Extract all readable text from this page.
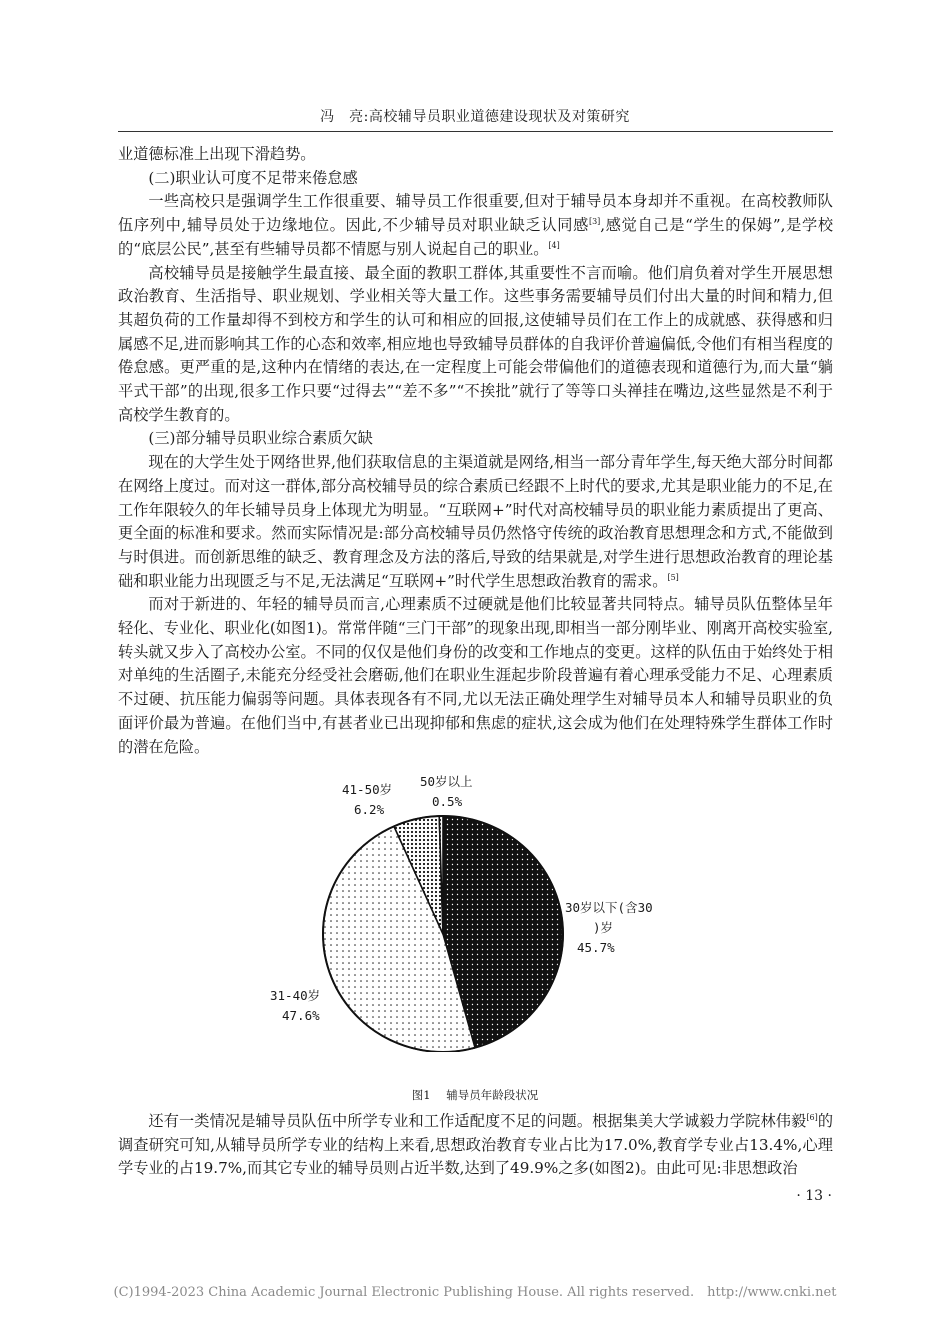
冯　亮:高校辅导员职业道德建设现状及对策研究

业道德标准上出现下滑趋势。

(二)职业认可度不足带来倦怠感

一些高校只是强调学生工作很重要、辅导员工作很重要,但对于辅导员本身却并不重视。在高校教师队伍序列中,辅导员处于边缘地位。因此,不少辅导员对职业缺乏认同感[3],感觉自己是“学生的保姆”,是学校的“底层公民”,甚至有些辅导员都不情愿与别人说起自己的职业。[4]

高校辅导员是接触学生最直接、最全面的教职工群体,其重要性不言而喻。他们肩负着对学生开展思想政治教育、生活指导、职业规划、学业相关等大量工作。这些事务需要辅导员们付出大量的时间和精力,但其超负荷的工作量却得不到校方和学生的认可和相应的回报,这使辅导员们在工作上的成就感、获得感和归属感不足,进而影响其工作的心态和效率,相应地也导致辅导员群体的自我评价普遍偏低,令他们有相当程度的倦怠感。更严重的是,这种内在情绪的表达,在一定程度上可能会带偏他们的道德表现和道德行为,而大量“躺平式干部”的出现,很多工作只要“过得去”“差不多”“不挨批”就行了等等口头禅挂在嘴边,这些显然是不利于高校学生教育的。

(三)部分辅导员职业综合素质欠缺

现在的大学生处于网络世界,他们获取信息的主渠道就是网络,相当一部分青年学生,每天绝大部分时间都在网络上度过。而对这一群体,部分高校辅导员的综合素质已经跟不上时代的要求,尤其是职业能力的不足,在工作年限较久的年长辅导员身上体现尤为明显。“互联网+”时代对高校辅导员的职业能力素质提出了更高、更全面的标准和要求。然而实际情况是:部分高校辅导员仍然恪守传统的政治教育思想理念和方式,不能做到与时俱进。而创新思维的缺乏、教育理念及方法的落后,导致的结果就是,对学生进行思想政治教育的理论基础和职业能力出现匮乏与不足,无法满足“互联网+”时代学生思想政治教育的需求。[5]

而对于新进的、年轻的辅导员而言,心理素质不过硬就是他们比较显著共同特点。辅导员队伍整体呈年轻化、专业化、职业化(如图1)。常常伴随“三门干部”的现象出现,即相当一部分刚毕业、刚离开高校实验室,转头就又步入了高校办公室。不同的仅仅是他们身份的改变和工作地点的变更。这样的队伍由于始终处于相对单纯的生活圈子,未能充分经受社会磨砺,他们在职业生涯起步阶段普遍有着心理承受能力不足、心理素质不过硬、抗压能力偏弱等问题。具体表现各有不同,尤以无法正确处理学生对辅导员本人和辅导员职业的负面评价最为普遍。在他们当中,有甚者业已出现抑郁和焦虑的症状,这会成为他们在处理特殊学生群体工作时的潜在危险。

30岁以下(含30
)岁
45.7%
31-40岁
47.6%
41-50岁
6.2%
50岁以上
0.5%
图1 辅导员年龄段状况

还有一类情况是辅导员队伍中所学专业和工作适配度不足的问题。根据集美大学诚毅力学院林伟毅[6]的调查研究可知,从辅导员所学专业的结构上来看,思想政治教育专业占比为17.0%,教育学专业占13.4%,心理学专业的占19.7%,而其它专业的辅导员则占近半数,达到了49.9%之多(如图2)。由此可见:非思想政治

· 13 ·
(C)1994-2023 China Academic Journal Electronic Publishing House. All rights reserved.　http://www.cnki.net
